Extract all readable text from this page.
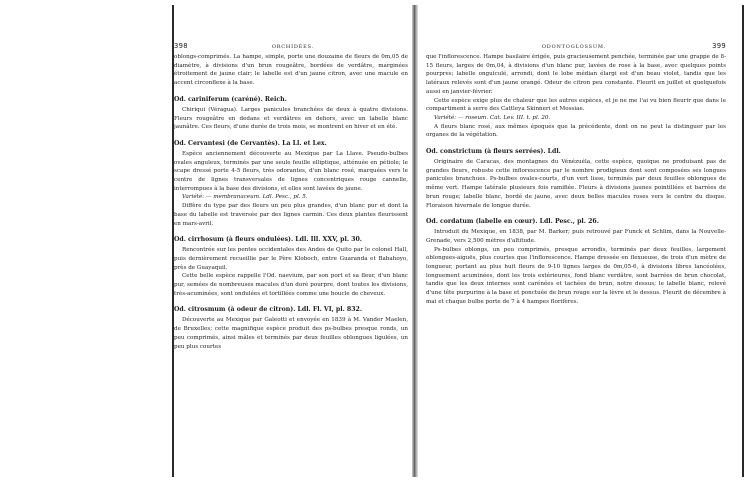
398	ORCHIDÉES.	ODONTOGLOSSUM.	399

oblongs-comprimés. La hampe, simple, porte une douzaine de fleurs de 0m,05 de diamètre, à divisions d'un brun rougeâtre, bordées de verdâtre, marginées étroitement de jaune clair; le labelle est d'un jaune citron, avec une macule en accent circonflexe à la base.

Od. cariniferum (caréné). Reich.

Chiriqui (Véragua). Larges panicules branchées de deux à quatre divisions. Fleurs rougeâtre en dedans et verdâtres en dehors, avec un labelle blanc jaunâtre. Ces fleurs, d'une durée de trois mois, se montrent en hiver et en été.

Od. Cervantesi (de Cervantès). La Ll. et Lex.

Espèce anciennement découverte au Mexique par La Llave. Pseudo-bulbes ovales anguleux, terminés par une seule feuille elliptique, atténuée en pétiole; le scape dressé porte 4-5 fleurs, très odorantes, d'un blanc rosé, marquées vers le centre de lignes transversales de lignes concentriques rouge cannelle, interrompues à la base des divisions, et elles sont lavées de jaune.

Variété: — membranaceum. Ldl. Pesc., pl. 5.

Diffère du type par des fleurs un peu plus grandes, d'un blanc pur et dont la base du labelle est traversée par des lignes carmin. Ces deux plantes fleurissent en mars-avril.

Od. cirrhosum (à fleurs ondulées). Ldl. Ill. XXV, pl. 30.

Rencontrée sur les pentes occidentales des Andes de Quito par le colonel Hall, puis dernièrement recueillie par le Père Kloboch, entre Guaranda et Babahoyo, près de Guayaquil.

Cette belle espèce rappelle l'Od. naevium, par son port et sa fleur, d'un blanc pur, semées de nombreuses macules d'un doré pourpre, dont toutes les divisions, très-acuminées, sont ondulées et tortillées comme une boucle de cheveux.

Od. citrosmum (à odeur de citron). Ldl. Fl. VI, pl. 832.

Découverte au Mexique par Galeotti et envoyée en 1839 à M. Vander Maelen, de Bruxelles; cette magnifique espèce produit des ps-bulbes presque ronds, un peu comprimés, ainsi mâles et terminés par deux feuilles oblongues ligulées, un peu plus courtes

que l'inflorescence. Hampe basilaire érigée, puis gracieusement penchée, terminée par une grappe de 8-15 fleurs, larges de 0m,04, à divisions d'un blanc pur, lavées de rose à la base, avec quelques points pourpres; labelle onguiculé, arrondi, dont le lobe médian élargi est d'un beau violet, tandis que les latéraux relevés sont d'un jaune orangé. Odeur de citron peu constante. Fleurit en juillet et quelquefois aussi en janvier-février.

Cette espèce exige plus de chaleur que les autres espèces, et je ne me l'ai vu bien fleurir que dans le compartiment à serre des Cattleya Skinneri et Mossiae.

Variété: — roseum. Cat. Lev. III. t. pl. 20.

A fleurs blanc rosé, aux mêmes époques que la précédente, dont on ne peut la distinguer par les organes de la végétation.

Od. constrictum (à fleurs serrées). Ldl.

Originaire de Caracas, des montagnes du Vénézuéla, cette espèce, quoique ne produisant pas de grandes fleurs, robuste cette inflorescence par le nombre prodigieux dont sont composées ses longues panicules branchues. Ps-bulbes ovales-courts, d'un vert lisse, terminés par deux feuilles oblongues de même vert. Hampe latérale plusieurs fois ramifiée. Fleurs à divisions jaunes pointillées et barrées de brun rouge; labelle blanc, bordé de jaune, avec deux belles macules roses vers le centre du disque. Floraison hivernale de longue durée.

Od. cordatum (labelle en cœur). Ldl. Pesc., pl. 26.

Introduit du Mexique, en 1838, par M. Barker; puis retrouvé par Funck et Schlim, dans la Nouvelle-Grenade, vers 2,500 mètres d'altitude.

Ps-bulbes oblongs, un peu comprimés, presque arrondis, terminés par deux feuilles, largement oblongues-aiguës, plus courtes que l'inflorescence. Hampe dressée en flexueuse, de trois d'un mètre de longueur, portant au plus huit fleurs de 9-10 lignes larges de 0m,05-6, à divisions libres lancéolées, longuement acuminées, dont les trois extérieures, fond blanc verdâtre, sont barrées de brun chocolat, tandis que les deux internes sont carénées et tachées de brun, notre dessus; le labelle blanc, relevé d'une tête purpurine à la base et ponctuée de brun rouge sur la lèvre et le dessus. Fleurit de décembre à mai et chaque bulbe porte de 7 à 4 hampes florifères.
